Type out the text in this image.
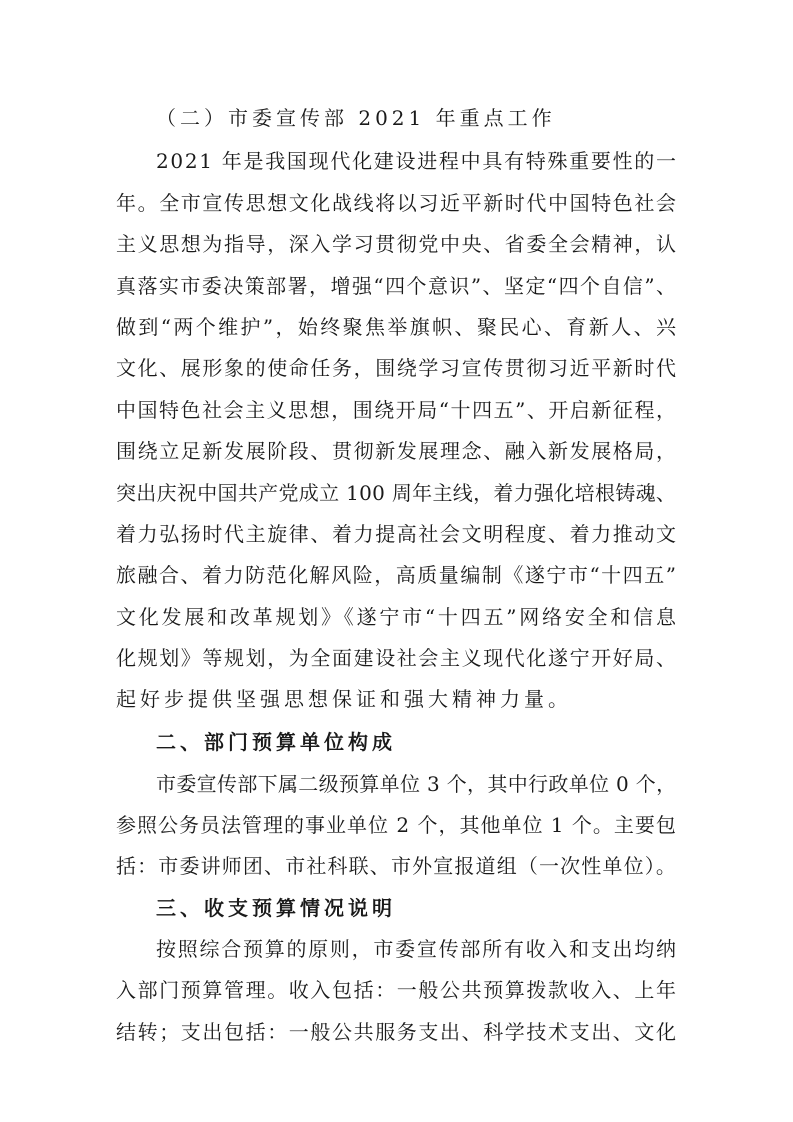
（二）市委宣传部 2021 年重点工作
2021 年是我国现代化建设进程中具有特殊重要性的一
年。全市宣传思想文化战线将以习近平新时代中国特色社会
主义思想为指导，深入学习贯彻党中央、省委全会精神，认
真落实市委决策部署，增强“四个意识”、坚定“四个自信”、
做到“两个维护”，始终聚焦举旗帜、聚民心、育新人、兴
文化、展形象的使命任务，围绕学习宣传贯彻习近平新时代
中国特色社会主义思想，围绕开局“十四五”、开启新征程，
围绕立足新发展阶段、贯彻新发展理念、融入新发展格局，
突出庆祝中国共产党成立 100 周年主线，着力强化培根铸魂、
着力弘扬时代主旋律、着力提高社会文明程度、着力推动文
旅融合、着力防范化解风险，高质量编制《遂宁市“十四五”
文化发展和改革规划》《遂宁市“十四五”网络安全和信息
化规划》等规划，为全面建设社会主义现代化遂宁开好局、
起好步提供坚强思想保证和强大精神力量。
二、部门预算单位构成
市委宣传部下属二级预算单位 3 个，其中行政单位 0 个，
参照公务员法管理的事业单位 2 个，其他单位 1 个。主要包
括：市委讲师团、市社科联、市外宣报道组（一次性单位）。
三、收支预算情况说明
按照综合预算的原则，市委宣传部所有收入和支出均纳
入部门预算管理。收入包括：一般公共预算拨款收入、上年
结转；支出包括：一般公共服务支出、科学技术支出、文化
